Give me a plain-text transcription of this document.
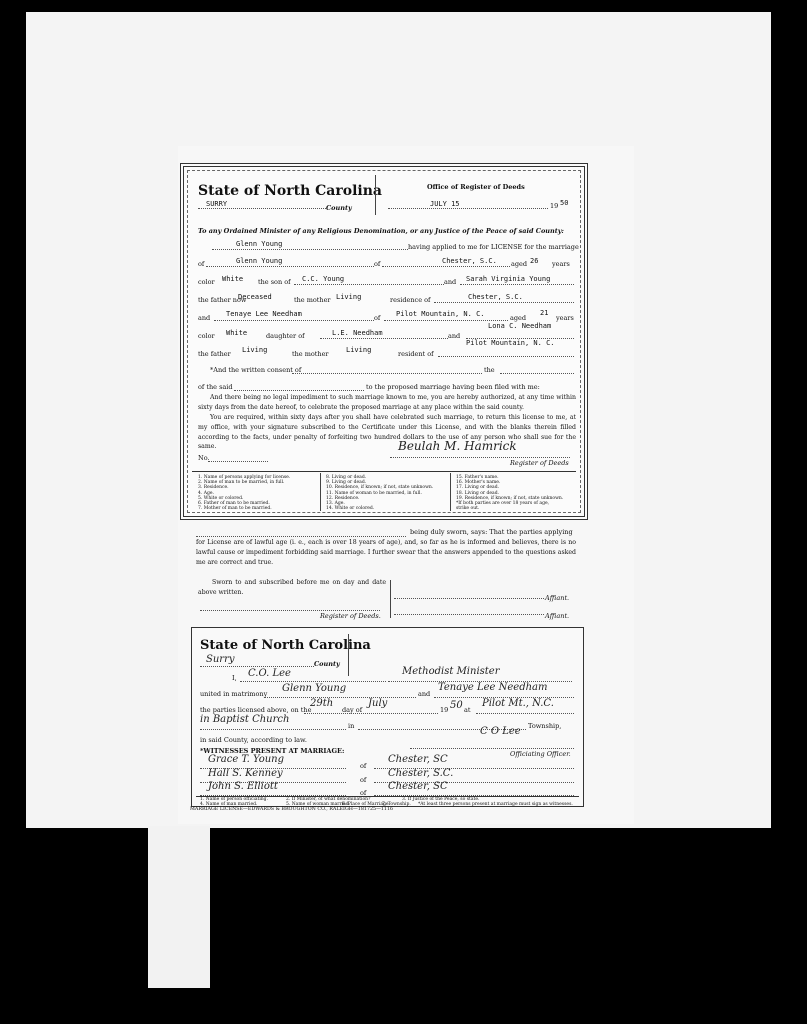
State of North Carolina
SURRY	County
Office of Register of Deeds
JULY 15	19 50
To any Ordained Minister of any Religious Denomination, or any Justice of the Peace of said County:
Glenn Young	having applied to me for LICENSE for the marriage
of	Glenn Young	of	Chester, S.C. aged 26 years
color White the son of C.C. Young	and Sarah Virginia Young
the father now
Deceased	the mother Living	residence of	Chester, S.C.
and Tenaye Lee Needham	of Pilot Mountain, N. C.	aged
21
years
color White	daughter of	L.E. Needham	and
Lona C. Needham
the father Living	the mother Living	resident of
Pilot Mountain, N. C.
*And the written consent of	the
of the said	to the proposed marriage having been filed with me:
And there being no legal impediment to such marriage known to me, you are hereby authorized, at any time within sixty days from the date hereof, to celebrate the proposed marriage at any place within the said county.
You are required, within sixty days after you shall have celebrated such marriage, to return this license to me, at my office, with your signature subscribed to the Certificate under this License, and with the blanks therein filled according to the facts, under penalty of forfeiting two hundred dollars to the use of any person who shall sue for the same.
No.
Beulah M. Hamrick
Register of Deeds
1. Name of persons applying for license.
2. Name of man to be married, in full.
3. Residence.
4. Age.
5. White or colored.
6. Father of man to be married.
7. Mother of man to be married.
8. Living or dead.
9. Living or dead.
10. Residence, if known; if not, state unknown.
11. Name of woman to be married, in full.
12. Residence.
13. Age.
14. White or colored.
15. Father's name.
16. Mother's name.
17. Living or dead.
18. Living or dead.
19. Residence, if known; if not, state unknown.
*If both parties are over 18 years of age,
strike out.
being duly sworn, says: That the parties applying
for License are of lawful age (i. e., each is over 18 years of age), and, so far as he is informed and believes, there is no lawful cause or impediment forbidding said marriage. I further swear that the answers appended to the questions asked me are correct and true.
Sworn to and subscribed before me on day and date above written.
Affiant.
Register of Deeds.	Affiant.
State of North Carolina
Surry	County
I, C.O. Lee	Methodist Minister
united in matrimony Glenn Young	and
Tenaye Lee Needham
the parties licensed above, on the
29th
day of
July
19 50 at
Pilot Mt., N.C.
in Baptist Church
in	Township,
in said County, according to law.
*WITNESSES PRESENT AT MARRIAGE:
C O Lee
Officiating Officer.
Grace T. Young
of
Chester, SC
Hall S. Kenney
of
Chester, S.C.
John S. Elliott
of
Chester, SC
1. Name of person officiating.
4. Name of man married.
2. If Minister, of what denomination?
5. Name of woman married.
3. If Justice of the Peace, so state.
6. Place of Marriage.
7. Township. *At least three persons present at marriage must sign as witnesses.
MARRIAGE LICENSE—EDWARDS & BROUGHTON CO., RALEIGH—181725—1116
